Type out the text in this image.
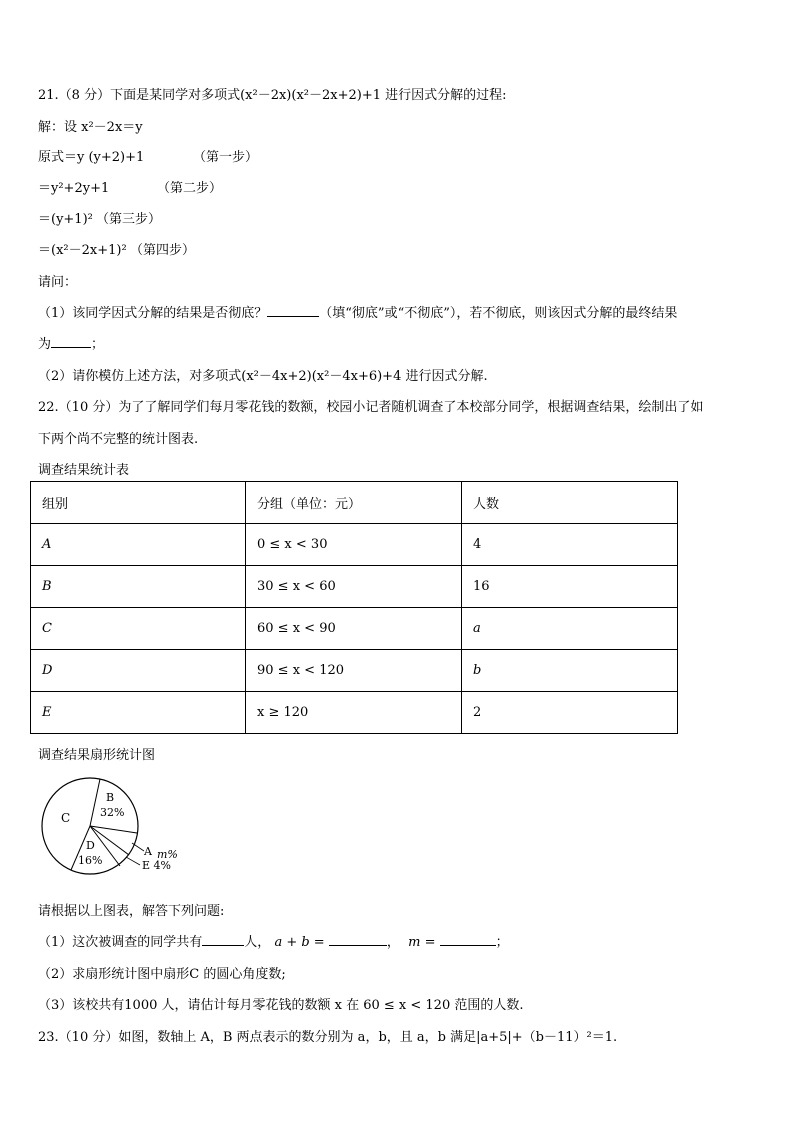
21.（8 分）下面是某同学对多项式(x²－2x)(x²－2x+2)+1 进行因式分解的过程:
解：设 x²－2x＝y
原式＝y (y+2)+1	（第一步）
＝y²+2y+1	（第二步）
＝(y+1)² （第三步）
＝(x²－2x+1)² （第四步）
请问：
（1）该同学因式分解的结果是否彻底？	（填“彻底”或“不彻底”），若不彻底，则该因式分解的最终结果
为	；
（2）请你模仿上述方法，对多项式(x²－4x+2)(x²－4x+6)+4 进行因式分解.
22.（10 分）为了了解同学们每月零花钱的数额，校园小记者随机调查了本校部分同学，根据调查结果，绘制出了如
下两个尚不完整的统计图表.
调查结果统计表
组别	分组（单位：元）	人数
A	0 ≤ x < 30	4
B	30 ≤ x < 60	16
C	60 ≤ x < 90	a
D	90 ≤ x < 120	b
E	x ≥ 120	2
调查结果扇形统计图
B
32%
C
D
16%
A m%
E 4%
请根据以上图表，解答下列问题:
（1）这次被调查的同学共有	人， a + b =	， m =	；
（2）求扇形统计图中扇形C 的圆心角度数;
（3）该校共有1000 人，请估计每月零花钱的数额 x 在 60 ≤ x < 120 范围的人数.
23.（10 分）如图，数轴上 A，B 两点表示的数分别为 a，b，且 a，b 满足|a+5|+（b－11）²＝1.
